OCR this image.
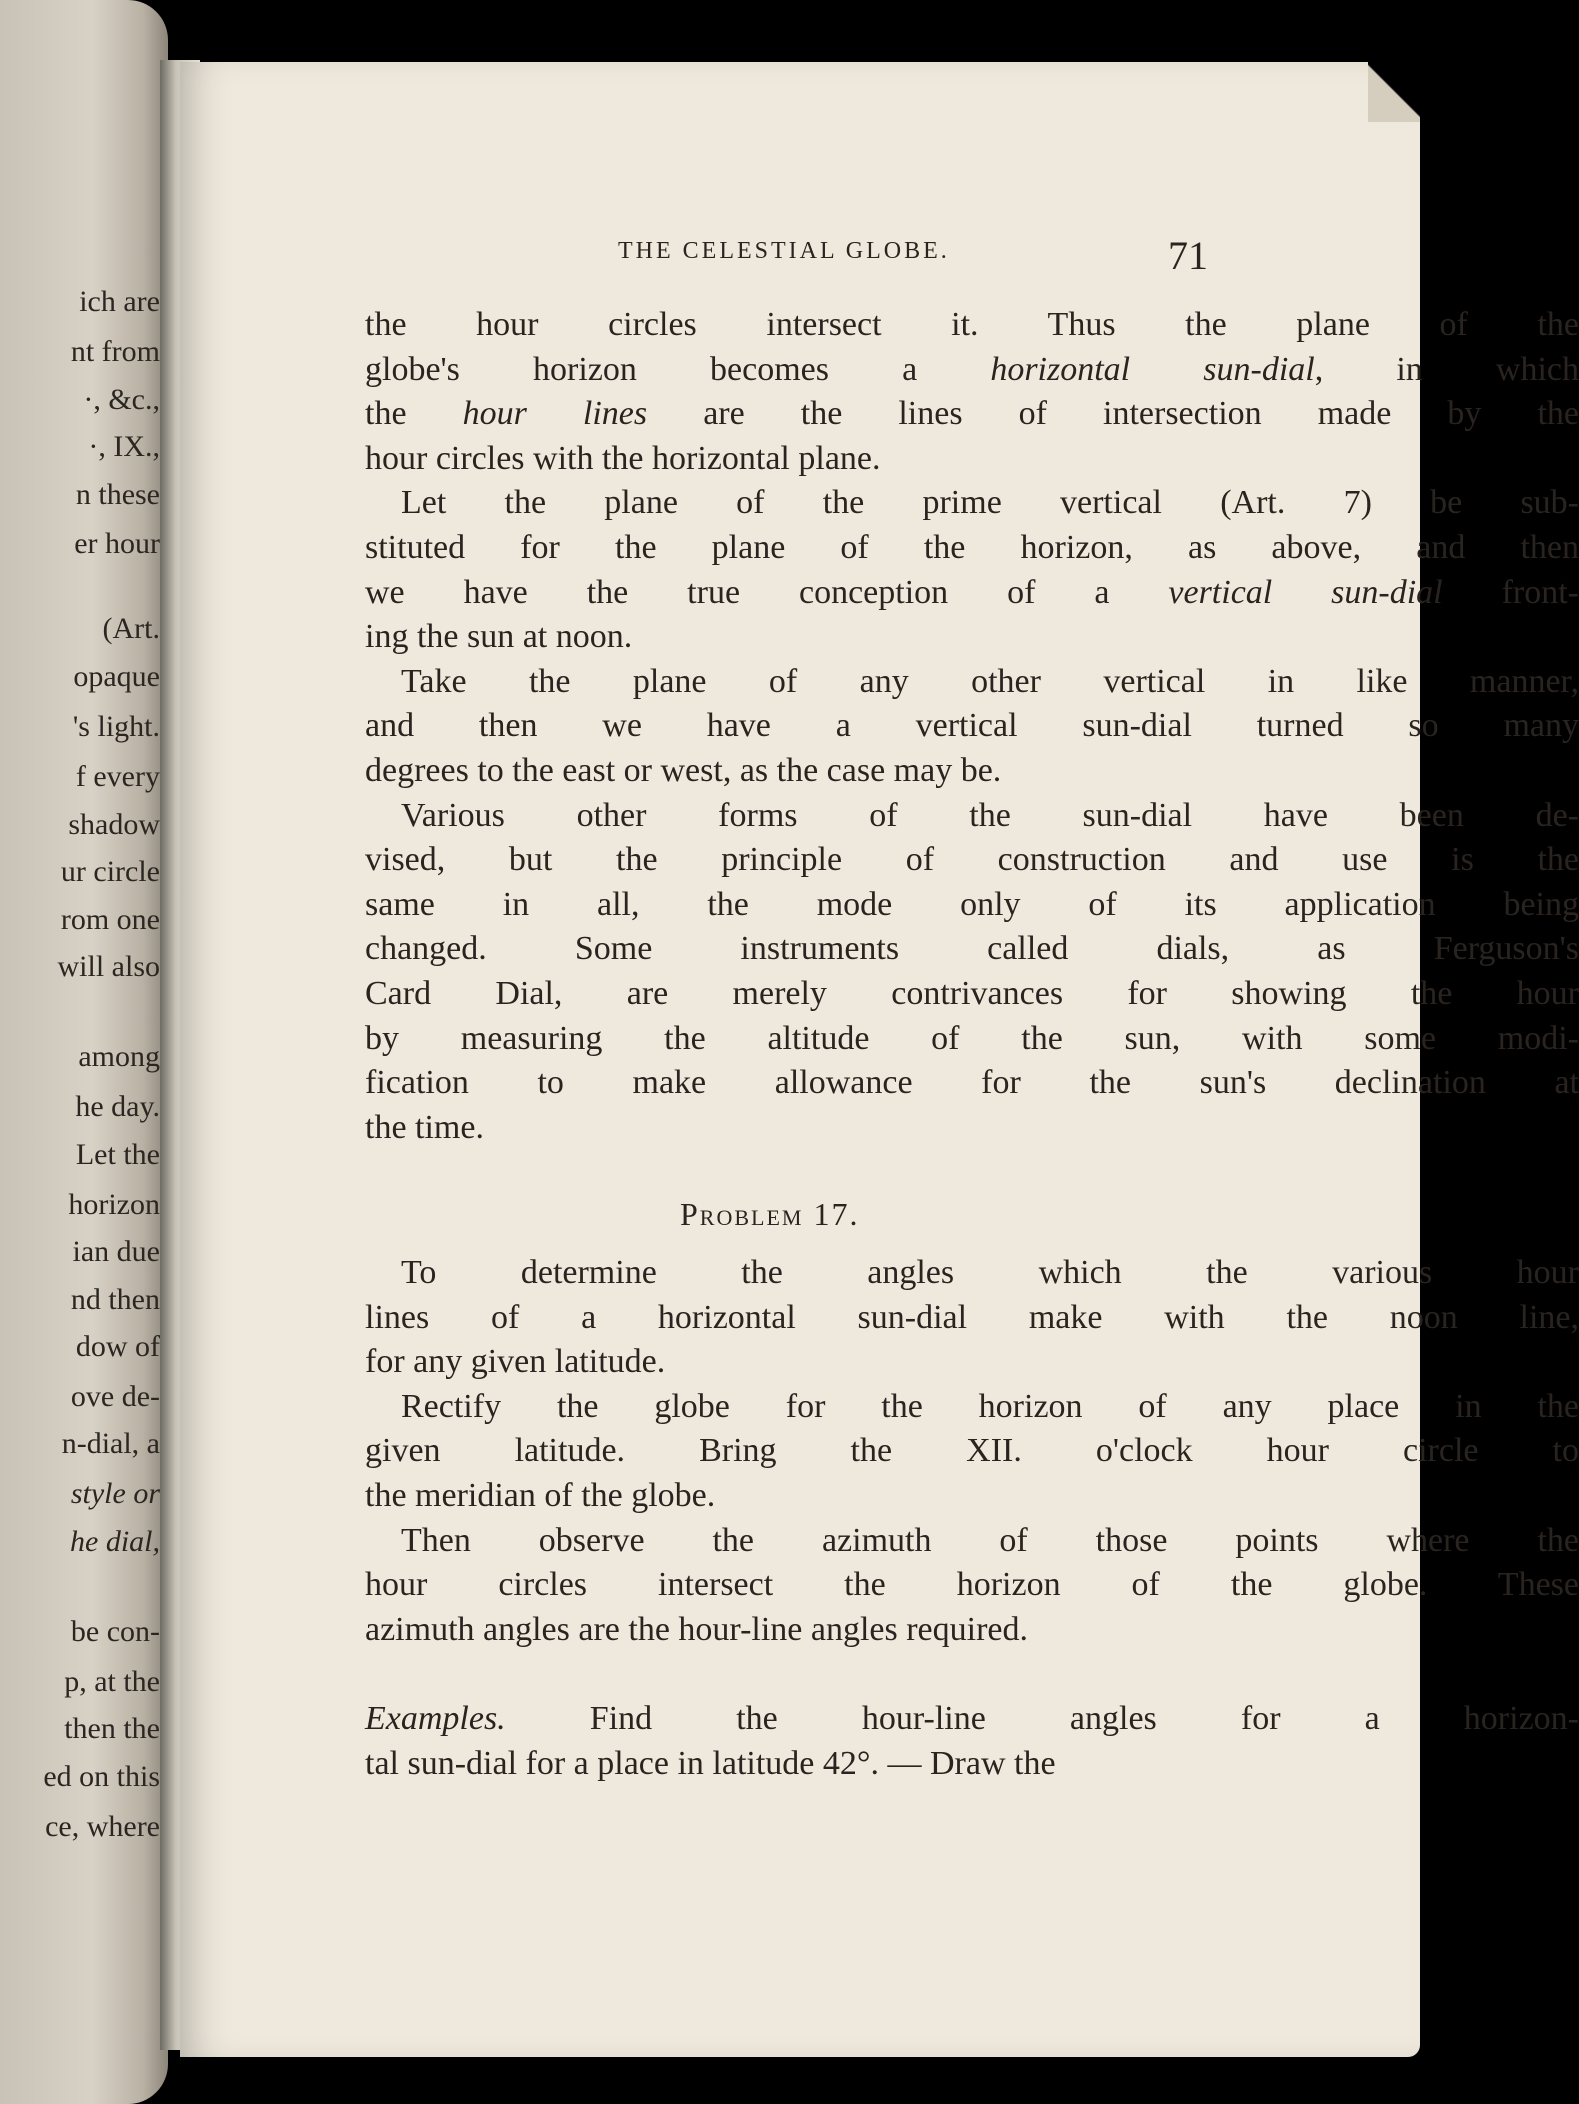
ich are
nt from
·, &c.,
·, IX.,
n these
er hour
(Art.
opaque
's light.
f every
shadow
ur circle
rom one
will also
among
he day.
Let the
horizon
ian due
nd then
dow of
ove de-
n-dial, a
style or
he dial,
be con-
p, at the
then the
ed on this
ce, where
the hour circles intersect it. Thus the plane of the
globe's horizon becomes a horizontal sun-dial, in which
the hour lines are the lines of intersection made by the
hour circles with the horizontal plane.
Let the plane of the prime vertical (Art. 7) be sub-
stituted for the plane of the horizon, as above, and then
we have the true conception of a vertical sun-dial front-
ing the sun at noon.
Take the plane of any other vertical in like manner,
and then we have a vertical sun-dial turned so many
degrees to the east or west, as the case may be.
Various other forms of the sun-dial have been de-
vised, but the principle of construction and use is the
same in all, the mode only of its application being
changed. Some instruments called dials, as Ferguson's
Card Dial, are merely contrivances for showing the hour
by measuring the altitude of the sun, with some modi-
fication to make allowance for the sun's declination at
the time.
To determine the angles which the various hour
lines of a horizontal sun-dial make with the noon line,
for any given latitude.
Rectify the globe for the horizon of any place in the
given latitude. Bring the XII. o'clock hour circle to
the meridian of the globe.
Then observe the azimuth of those points where the
hour circles intersect the horizon of the globe. These
azimuth angles are the hour-line angles required.
Examples. Find the hour-line angles for a horizon-
tal sun-dial for a place in latitude 42°. — Draw the
THE CELESTIAL GLOBE.	71
Problem 17.
